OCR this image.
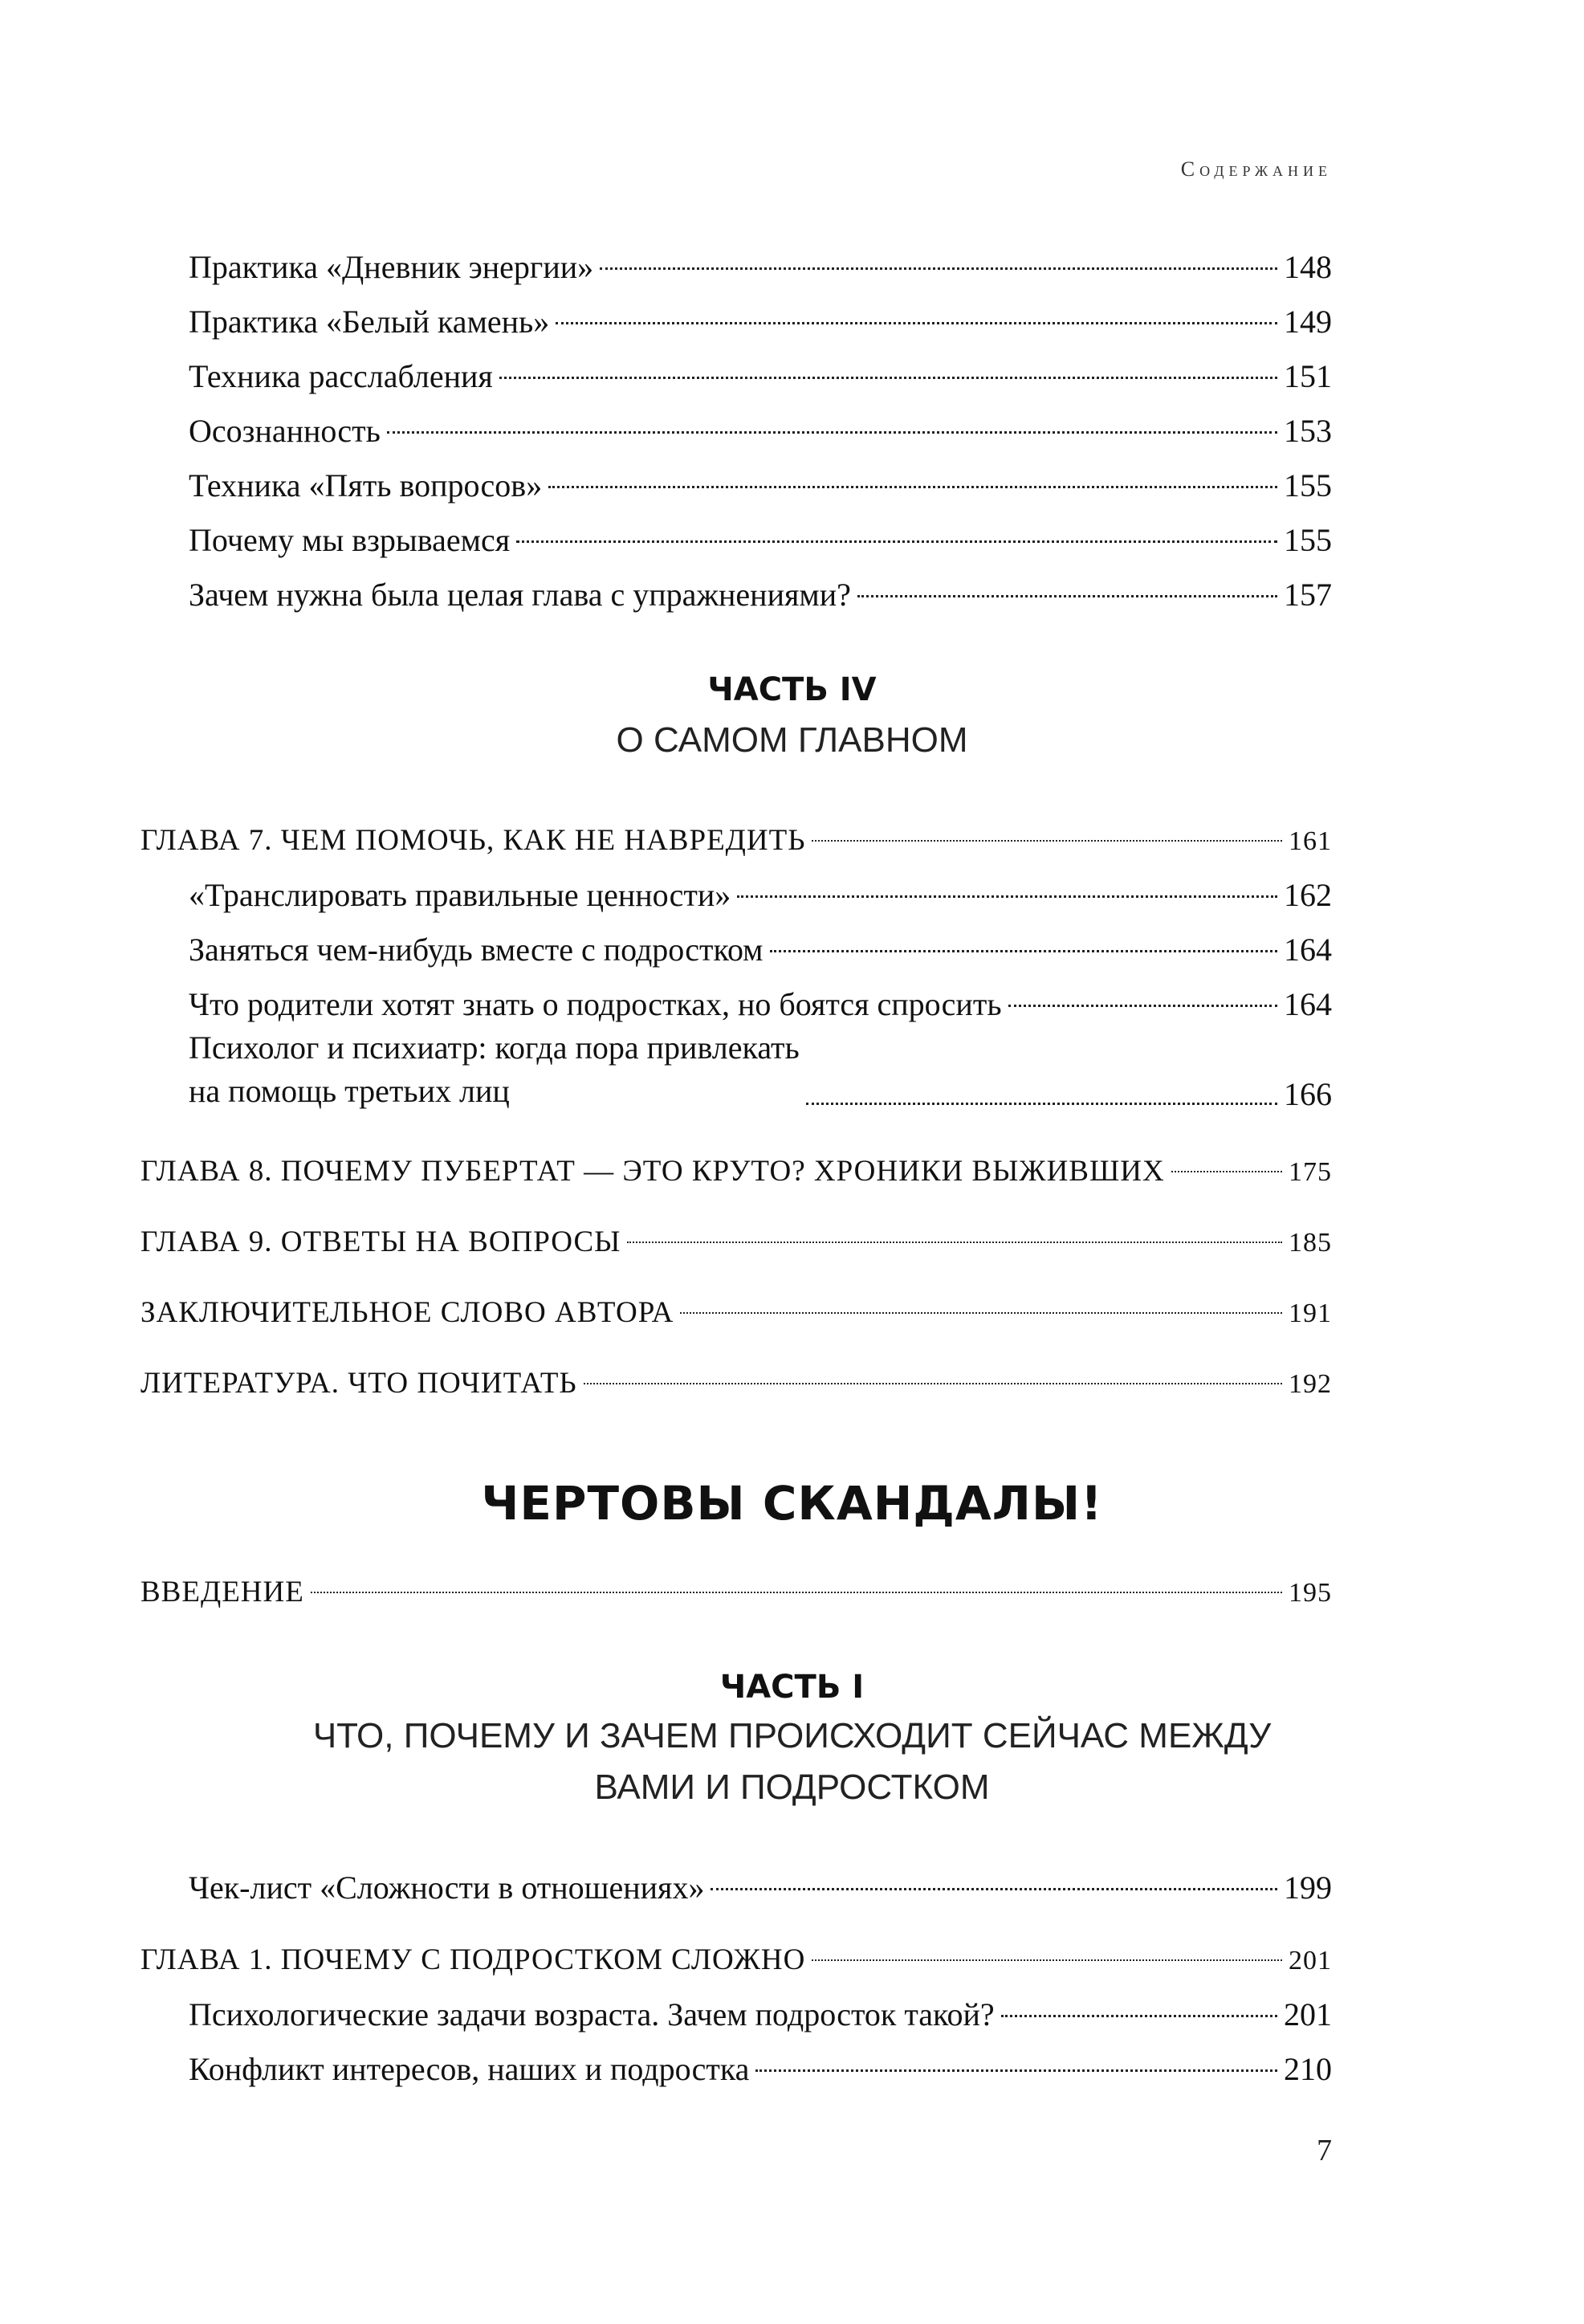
Содержание
Практика «Дневник энергии»	148
Практика «Белый камень»	149
Техника расслабления	151
Осознанность	153
Техника «Пять вопросов»	155
Почему мы взрываемся	155
Зачем нужна была целая глава с упражнениями?	157
ЧАСТЬ IV
О САМОМ ГЛАВНОМ
ГЛАВА 7. ЧЕМ ПОМОЧЬ, КАК НЕ НАВРЕДИТЬ	161
«Транслировать правильные ценности»	162
Заняться чем-нибудь вместе с подростком	164
Что родители хотят знать о подростках, но боятся спросить	164
Психолог и психиатр: когда пора привлекать
на помощь третьих лиц	166
ГЛАВА 8. ПОЧЕМУ ПУБЕРТАТ — ЭТО КРУТО? ХРОНИКИ ВЫЖИВШИХ	175
ГЛАВА 9. ОТВЕТЫ НА ВОПРОСЫ	185
ЗАКЛЮЧИТЕЛЬНОЕ СЛОВО АВТОРА	191
ЛИТЕРАТУРА. ЧТО ПОЧИТАТЬ	192
ЧЕРТОВЫ СКАНДАЛЫ!
ВВЕДЕНИЕ	195
ЧАСТЬ I
ЧТО, ПОЧЕМУ И ЗАЧЕМ ПРОИСХОДИТ СЕЙЧАС МЕЖДУ
ВАМИ И ПОДРОСТКОМ
Чек-лист «Сложности в отношениях»	199
ГЛАВА 1. ПОЧЕМУ С ПОДРОСТКОМ СЛОЖНО	201
Психологические задачи возраста. Зачем подросток такой?	201
Конфликт интересов, наших и подростка	210
7
